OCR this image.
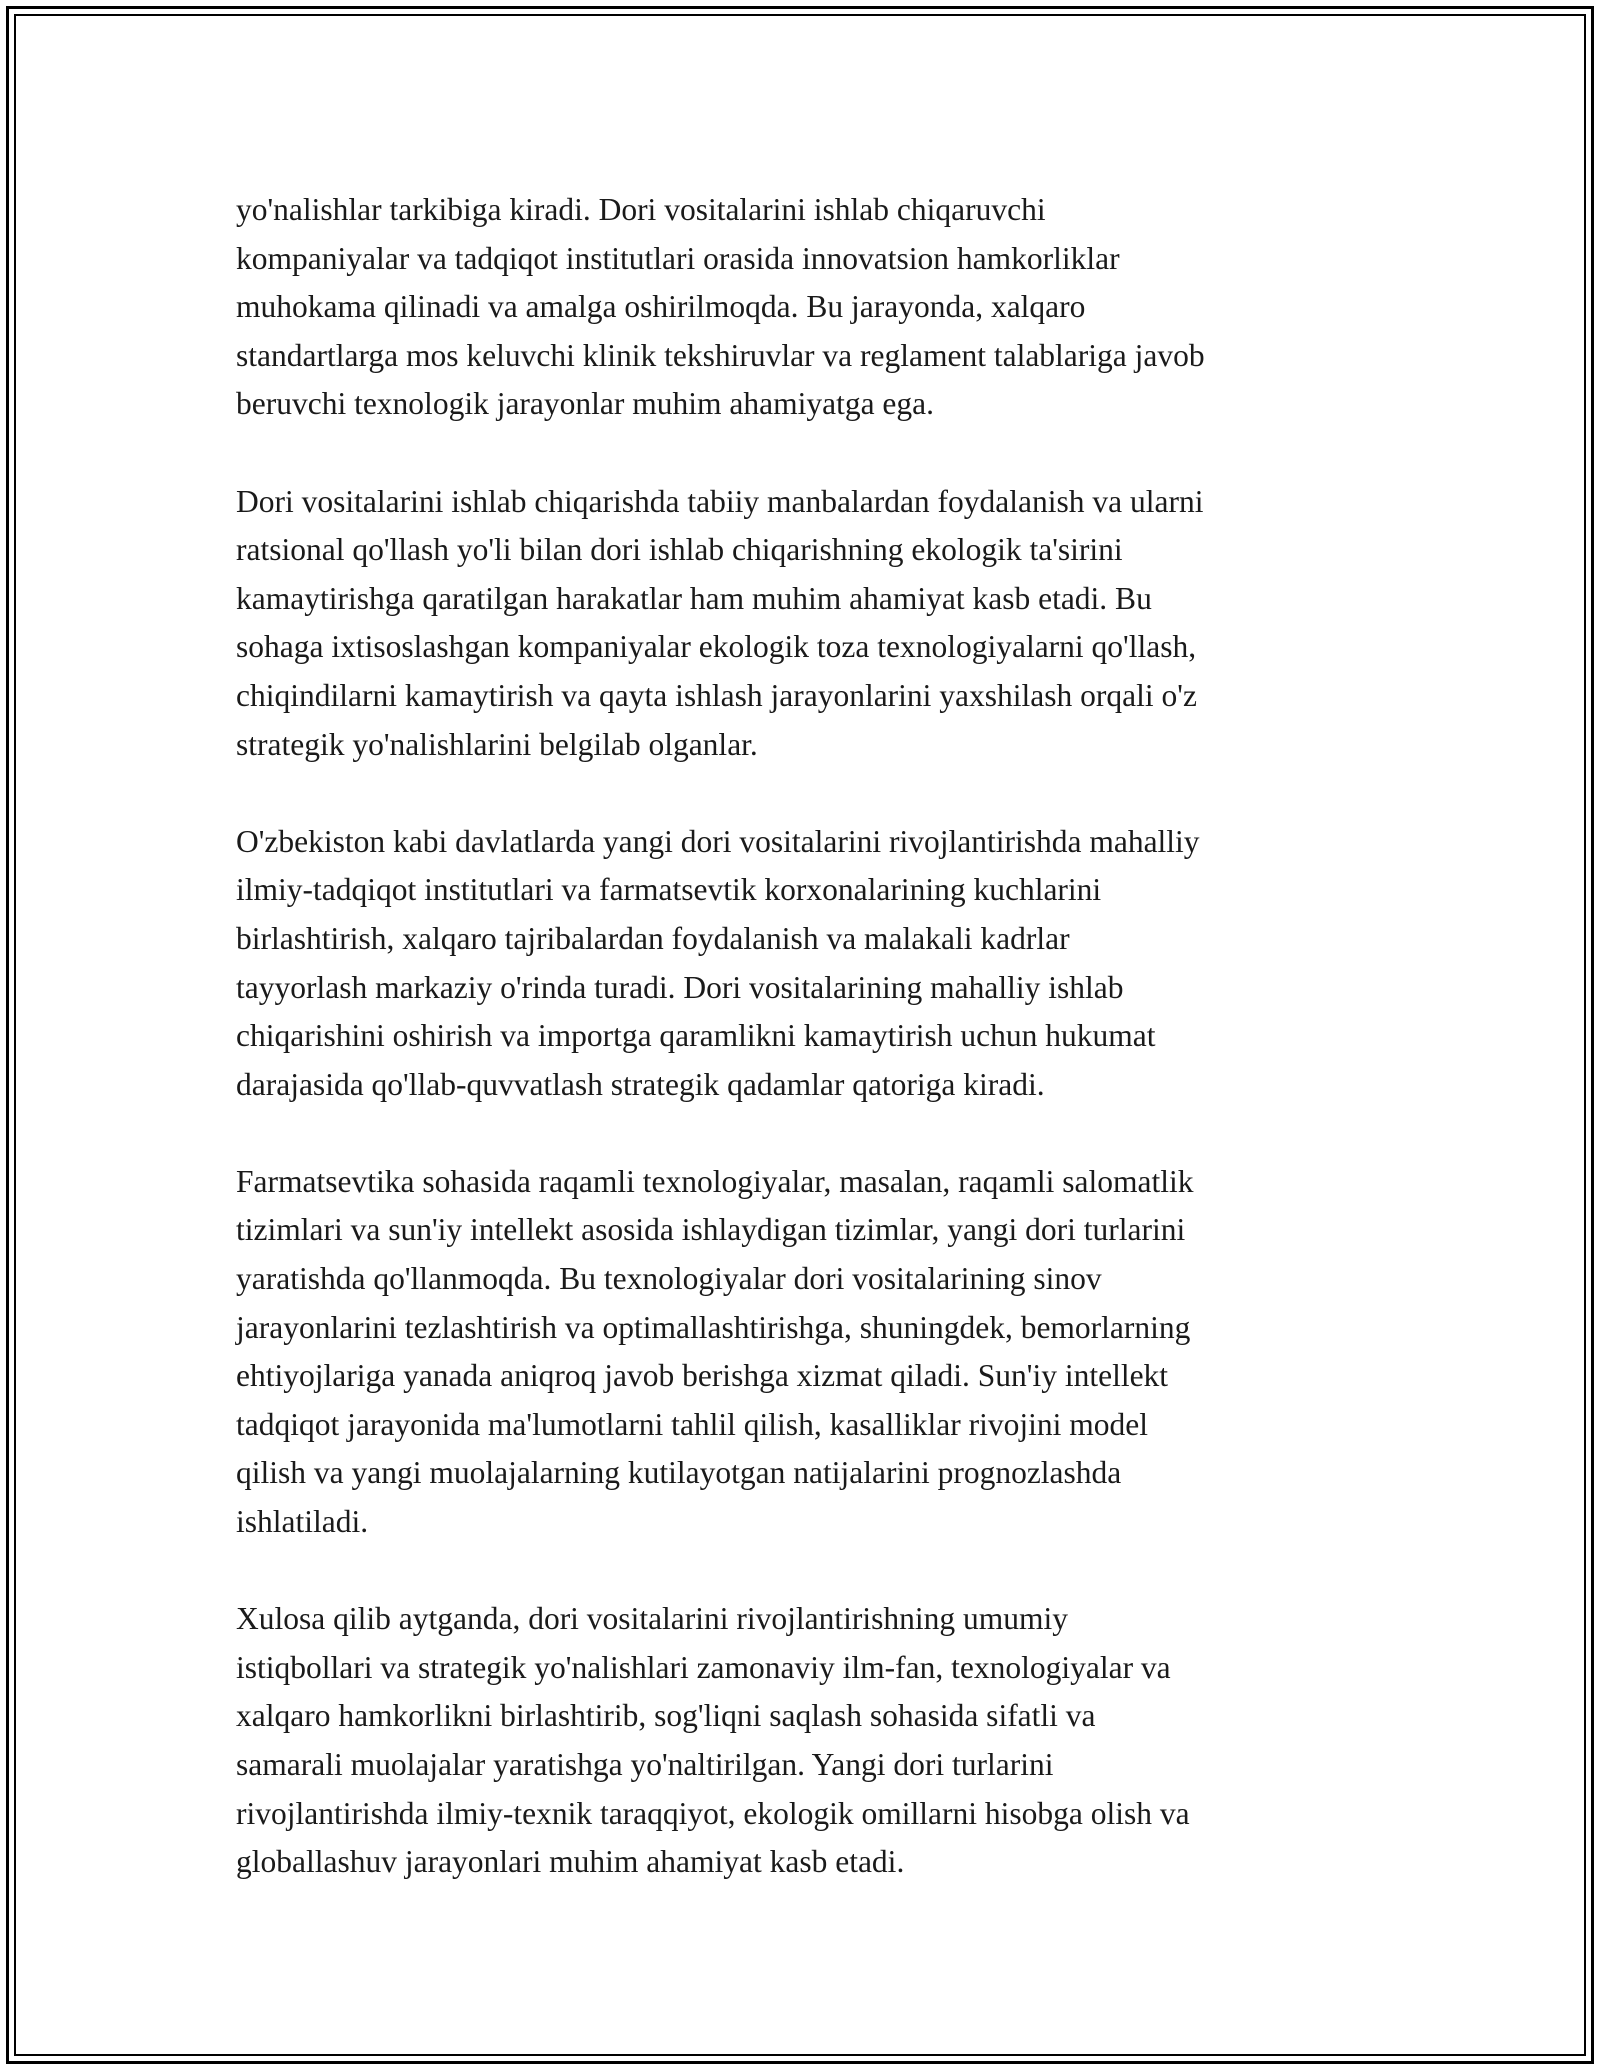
yo'nalishlar tarkibiga kiradi. Dori vositalarini ishlab chiqaruvchi
kompaniyalar va tadqiqot institutlari orasida innovatsion hamkorliklar
muhokama qilinadi va amalga oshirilmoqda. Bu jarayonda, xalqaro
standartlarga mos keluvchi klinik tekshiruvlar va reglament talablariga javob
beruvchi texnologik jarayonlar muhim ahamiyatga ega.

Dori vositalarini ishlab chiqarishda tabiiy manbalardan foydalanish va ularni
ratsional qo'llash yo'li bilan dori ishlab chiqarishning ekologik ta'sirini
kamaytirishga qaratilgan harakatlar ham muhim ahamiyat kasb etadi. Bu
sohaga ixtisoslashgan kompaniyalar ekologik toza texnologiyalarni qo'llash,
chiqindilarni kamaytirish va qayta ishlash jarayonlarini yaxshilash orqali o'z
strategik yo'nalishlarini belgilab olganlar.

O'zbekiston kabi davlatlarda yangi dori vositalarini rivojlantirishda mahalliy
ilmiy-tadqiqot institutlari va farmatsevtik korxonalarining kuchlarini
birlashtirish, xalqaro tajribalardan foydalanish va malakali kadrlar
tayyorlash markaziy o'rinda turadi. Dori vositalarining mahalliy ishlab
chiqarishini oshirish va importga qaramlikni kamaytirish uchun hukumat
darajasida qo'llab-quvvatlash strategik qadamlar qatoriga kiradi.

Farmatsevtika sohasida raqamli texnologiyalar, masalan, raqamli salomatlik
tizimlari va sun'iy intellekt asosida ishlaydigan tizimlar, yangi dori turlarini
yaratishda qo'llanmoqda. Bu texnologiyalar dori vositalarining sinov
jarayonlarini tezlashtirish va optimallashtirishga, shuningdek, bemorlarning
ehtiyojlariga yanada aniqroq javob berishga xizmat qiladi. Sun'iy intellekt
tadqiqot jarayonida ma'lumotlarni tahlil qilish, kasalliklar rivojini model
qilish va yangi muolajalarning kutilayotgan natijalarini prognozlashda
ishlatiladi.

Xulosa qilib aytganda, dori vositalarini rivojlantirishning umumiy
istiqbollari va strategik yo'nalishlari zamonaviy ilm-fan, texnologiyalar va
xalqaro hamkorlikni birlashtirib, sog'liqni saqlash sohasida sifatli va
samarali muolajalar yaratishga yo'naltirilgan. Yangi dori turlarini
rivojlantirishda ilmiy-texnik taraqqiyot, ekologik omillarni hisobga olish va
globallashuv jarayonlari muhim ahamiyat kasb etadi.
